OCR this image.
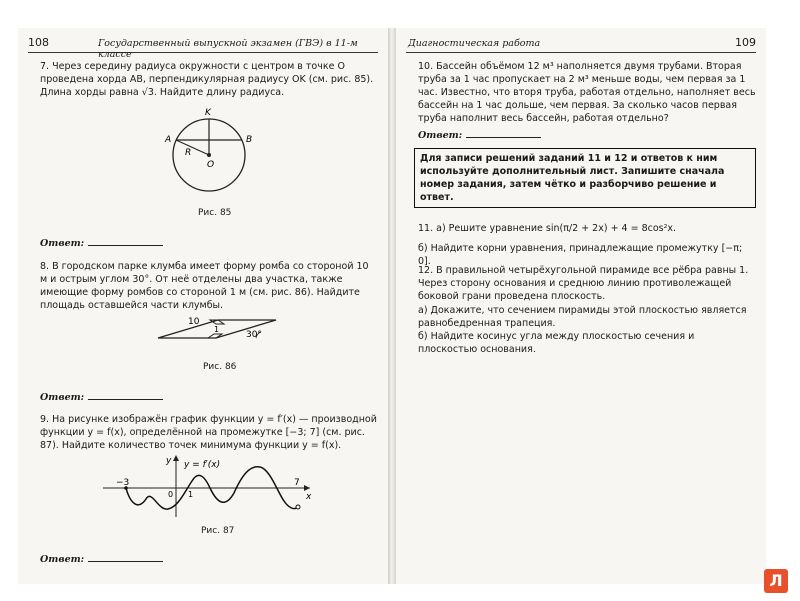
108	Государственный выпускной экзамен (ГВЭ) в 11-м классе
7. Через середину радиуса окружности с центром в точке O проведена хорда AB, перпендикулярная радиусу OK (см. рис. 85). Длина хорды равна √3. Найдите длину радиуса.
K
A	B
R
O
Рис. 85
Ответ:
8. В городском парке клумба имеет форму ромба со стороной 10 м и острым углом 30°. От неё отделены два участка, также имеющие форму ромбов со стороной 1 м (см. рис. 86). Найдите площадь оставшейся части клумбы.
10
1
30°
Рис. 86
Ответ:
9. На рисунке изображён график функции y = f′(x) — производной функции y = f(x), определённой на промежутке [−3; 7] (см. рис. 87). Найдите количество точек минимума функции y = f(x).
y = f′(x)
y
x
−3
0 1
7
Рис. 87
Ответ:
Диагностическая работа	109
10. Бассейн объёмом 12 м³ наполняется двумя трубами. Вторая труба за 1 час пропускает на 2 м³ меньше воды, чем первая за 1 час. Известно, что вторя труба, работая отдельно, наполняет весь бассейн на 1 час дольше, чем первая. За сколько часов первая труба наполнит весь бассейн, работая отдельно?
Ответ:
Для записи решений заданий 11 и 12 и ответов к ним используйте дополнительный лист. Запишите сначала номер задания, затем чётко и разборчиво решение и ответ.
11. а) Решите уравнение sin(π/2 + 2x) + 4 = 8cos²x.
б) Найдите корни уравнения, принадлежащие промежутку [−π; 0].
12. В правильной четырёхугольной пирамиде все рёбра равны 1. Через сторону основания и среднюю линию противолежащей боковой грани проведена плоскость.
а) Докажите, что сечением пирамиды этой плоскостью является равнобедренная трапеция.
б) Найдите косинус угла между плоскостью сечения и плоскостью основания.
Л
